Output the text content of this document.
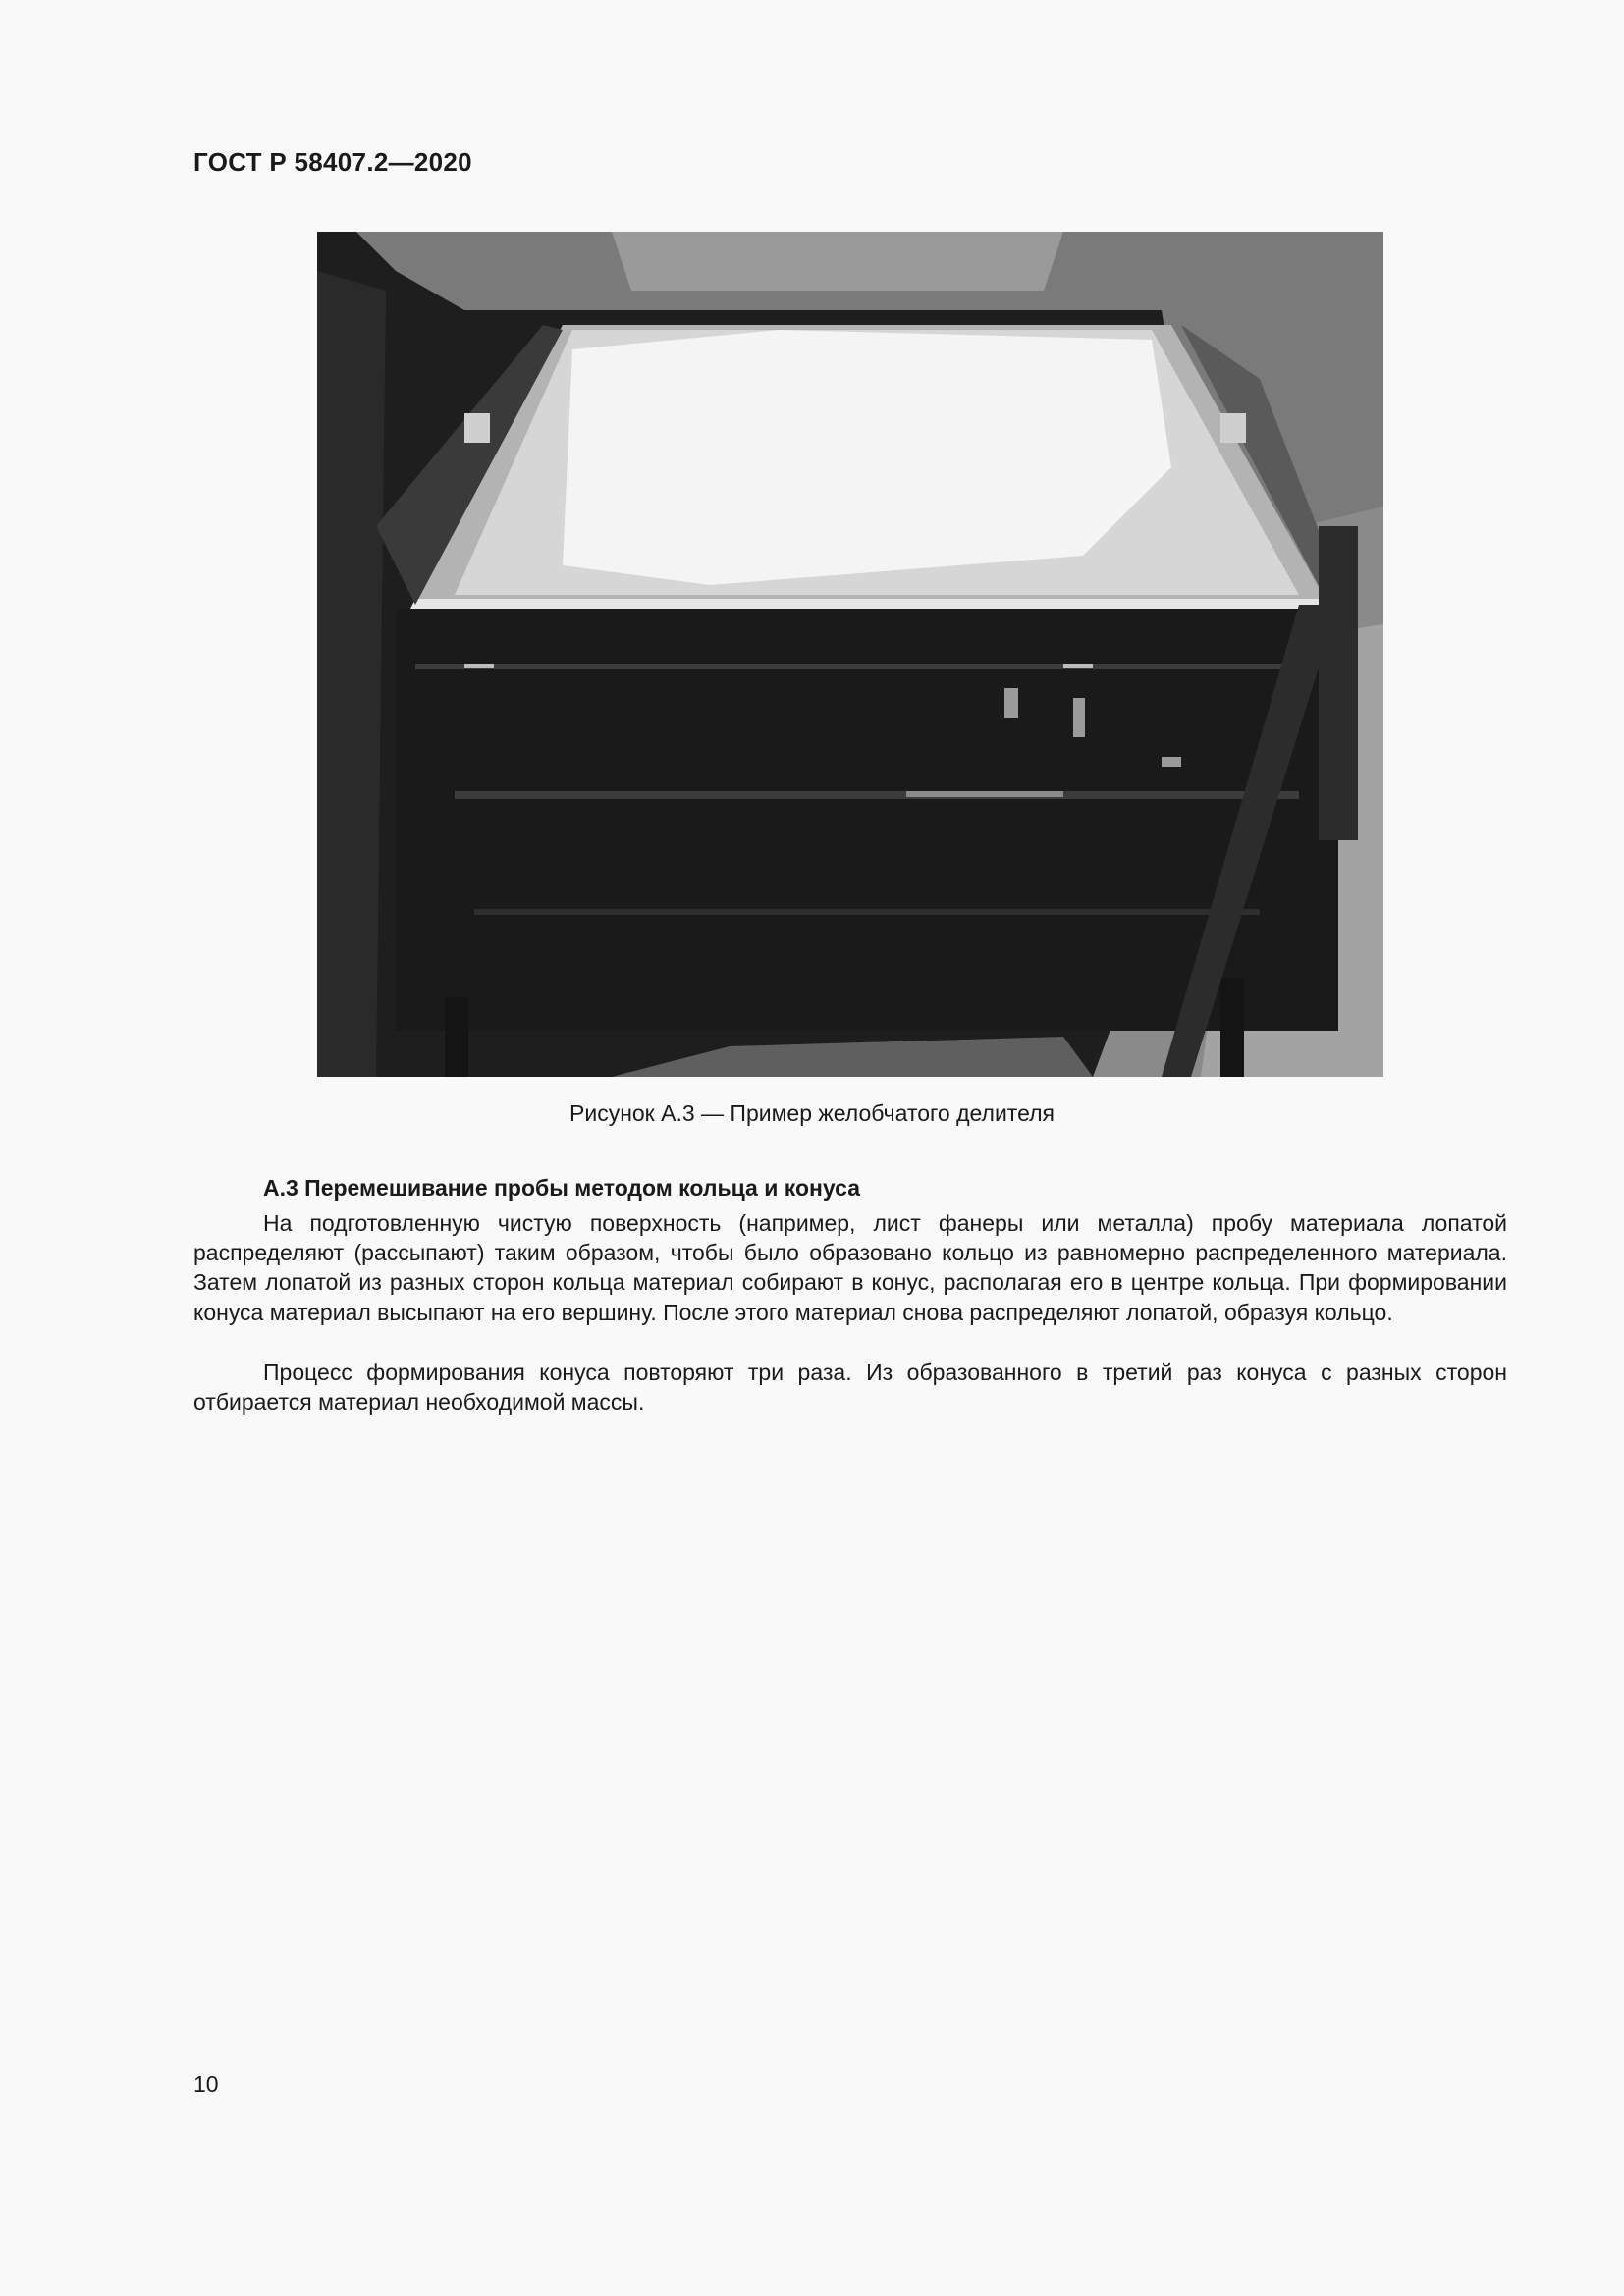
ГОСТ Р 58407.2—2020
Рисунок А.3 — Пример желобчатого делителя
А.3 Перемешивание пробы методом кольца и конуса

На подготовленную чистую поверхность (например, лист фанеры или металла) пробу материала лопатой распределяют (рассыпают) таким образом, чтобы было образовано кольцо из равномерно распределенного материала. Затем лопатой из разных сторон кольца материал собирают в конус, располагая его в центре кольца. При формировании конуса материал высыпают на его вершину. После этого материал снова распределяют лопатой, образуя кольцо.

Процесс формирования конуса повторяют три раза. Из образованного в третий раз конуса с разных сторон отбирается материал необходимой массы.

10
